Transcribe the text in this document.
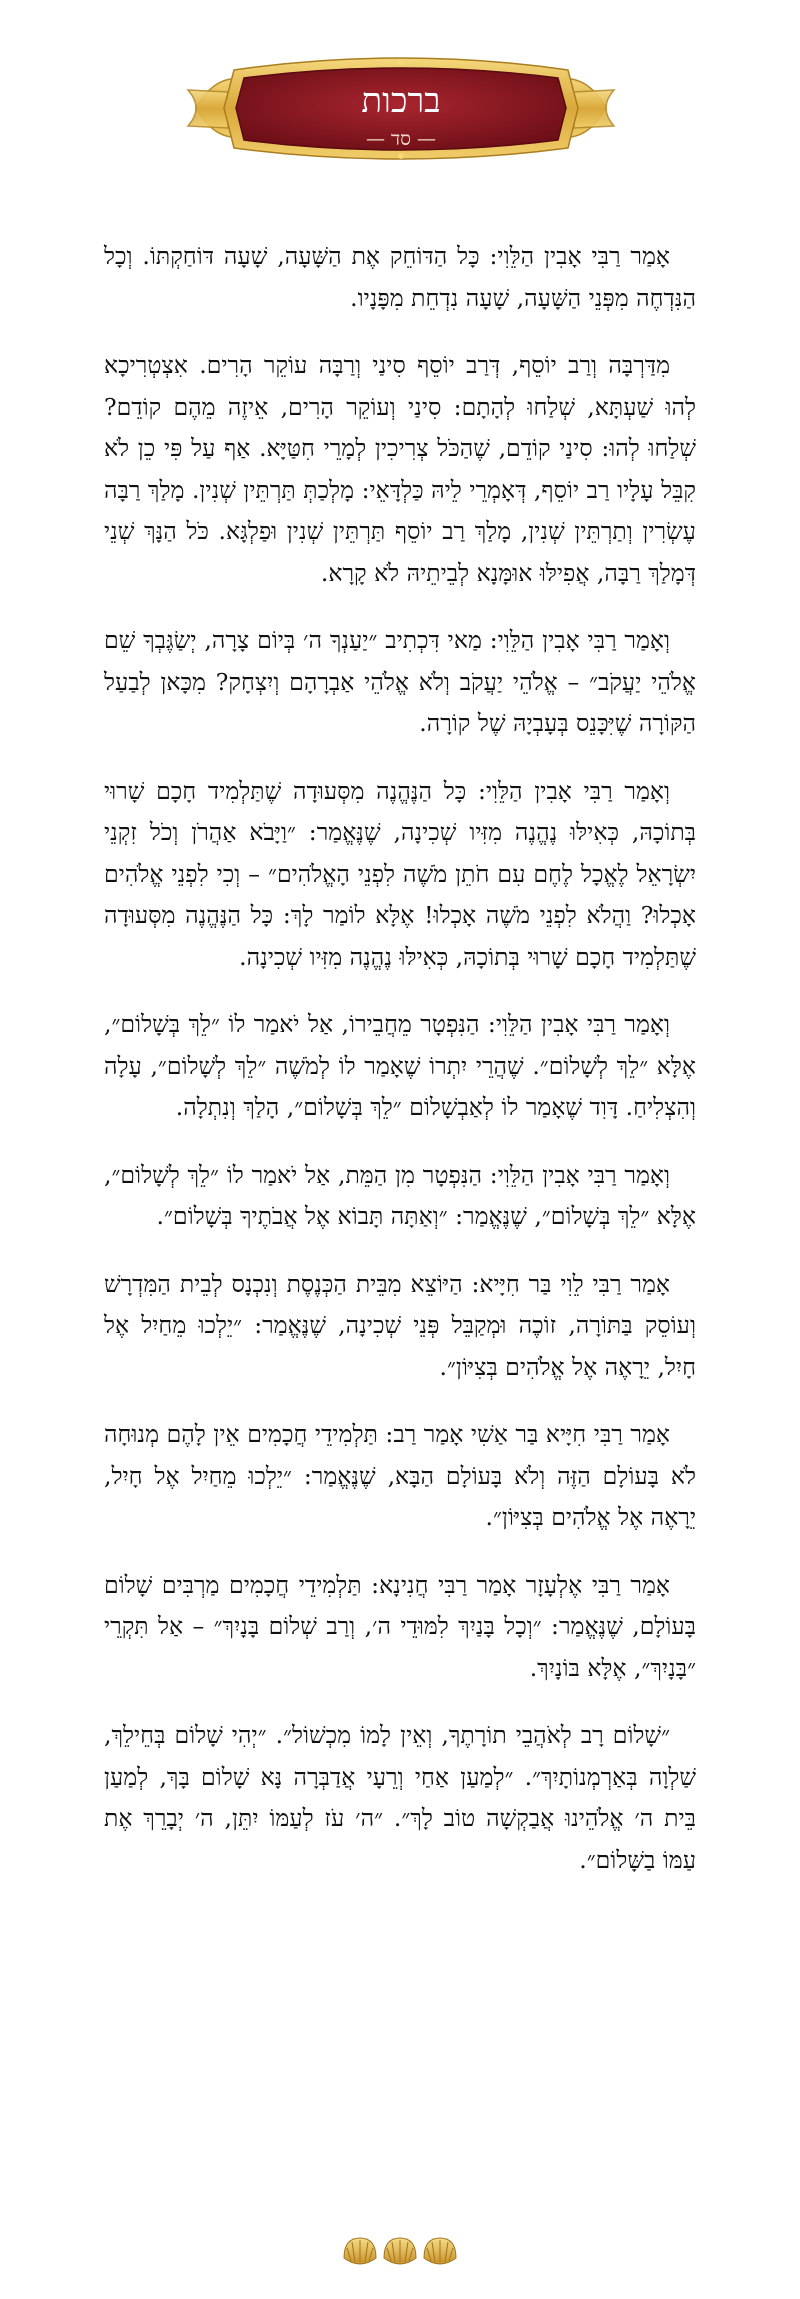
ברכות
— סד —

אָמַר רַבִּי אָבִין הַלֵּוִי: כָּל הַדּוֹחֵק אֶת הַשָּׁעָה, שָׁעָה דּוֹחַקְתּוֹ. וְכָל הַנִּדְחֶה מִפְּנֵי הַשָּׁעָה, שָׁעָה נִדְחֵת מִפָּנָיו.

מִדַּרְבָּה וְרַב יוֹסֵף, דְּרַב יוֹסֵף סִינַי וְרַבָּה עוֹקֵר הָרִים. אִצְטְרִיכָא לְהוּ שַׁעְתָּא, שְׁלַחוּ לְהָתָם: סִינַי וְעוֹקֵר הָרִים, אֵיזֶה מֵהֶם קוֹדֵם? שְׁלַחוּ לְהוּ: סִינַי קוֹדֵם, שֶׁהַכֹּל צְרִיכִין לְמָרֵי חִטַּיָּא. אַף עַל פִּי כֵן לֹא קִבֵּל עָלָיו רַב יוֹסֵף, דְּאָמְרֵי לֵיהּ כַּלְדָּאֵי: מָלְכַתְּ תַּרְתֵּין שְׁנִין. מָלַךְ רַבָּה עֶשְׂרִין וְתַרְתֵּין שְׁנִין, מָלַךְ רַב יוֹסֵף תַּרְתֵּין שְׁנִין וּפַלְגָּא. כֹּל הַנָּךְ שְׁנֵי דְּמָלַךְ רַבָּה, אֲפִילּוּ אוּמָּנָא לְבֵיתֵיהּ לֹא קָרָא.

וְאָמַר רַבִּי אָבִין הַלֵּוִי: מַאי דִּכְתִיב ״יַעַנְךָ ה׳ בְּיוֹם צָרָה, יְשַׂגֶּבְךָ שֵׁם אֱלֹהֵי יַעֲקֹב״ – אֱלֹהֵי יַעֲקֹב וְלֹא אֱלֹהֵי אַבְרָהָם וְיִצְחָק? מִכָּאן לְבַעַל הַקּוֹרָה שֶׁיִּכָּנֵס בְּעָבְיָהּ שֶׁל קוֹרָה.

וְאָמַר רַבִּי אָבִין הַלֵּוִי: כָּל הַנֶּהֱנֶה מִסְּעוּדָה שֶׁתַּלְמִיד חָכָם שָׁרוּי בְּתוֹכָהּ, כְּאִילּוּ נֶהֱנֶה מִזִּיו שְׁכִינָה, שֶׁנֶּאֱמַר: ״וַיָּבֹא אַהֲרֹן וְכֹל זִקְנֵי יִשְׂרָאֵל לֶאֱכָל לֶחֶם עִם חֹתֵן מֹשֶׁה לִפְנֵי הָאֱלֹהִים״ – וְכִי לִפְנֵי אֱלֹהִים אָכְלוּ? וַהֲלֹא לִפְנֵי מֹשֶׁה אָכְלוּ! אֶלָּא לוֹמַר לָךְ: כָּל הַנֶּהֱנֶה מִסְּעוּדָה שֶׁתַּלְמִיד חָכָם שָׁרוּי בְּתוֹכָהּ, כְּאִילּוּ נֶהֱנֶה מִזִּיו שְׁכִינָה.

וְאָמַר רַבִּי אָבִין הַלֵּוִי: הַנִּפְטָר מֵחֲבֵירוֹ, אַל יֹאמַר לוֹ ״לֵךְ בְּשָׁלוֹם״, אֶלָּא ״לֵךְ לְשָׁלוֹם״. שֶׁהֲרֵי יִתְרוֹ שֶׁאָמַר לוֹ לְמֹשֶׁה ״לֵךְ לְשָׁלוֹם״, עָלָה וְהִצְלִיחַ. דָּוִד שֶׁאָמַר לוֹ לְאַבְשָׁלוֹם ״לֵךְ בְּשָׁלוֹם״, הָלַךְ וְנִתְלָה.

וְאָמַר רַבִּי אָבִין הַלֵּוִי: הַנִּפְטָר מִן הַמֵּת, אַל יֹאמַר לוֹ ״לֵךְ לְשָׁלוֹם״, אֶלָּא ״לֵךְ בְּשָׁלוֹם״, שֶׁנֶּאֱמַר: ״וְאַתָּה תָּבוֹא אֶל אֲבֹתֶיךָ בְּשָׁלוֹם״.

אָמַר רַבִּי לֵוִי בַּר חִיָּיא: הַיּוֹצֵא מִבֵּית הַכְּנֶסֶת וְנִכְנָס לְבֵית הַמִּדְרָשׁ וְעוֹסֵק בַּתּוֹרָה, זוֹכֶה וּמְקַבֵּל פְּנֵי שְׁכִינָה, שֶׁנֶּאֱמַר: ״יֵלְכוּ מֵחַיִל אֶל חָיִל, יֵרָאֶה אֶל אֱלֹהִים בְּצִיּוֹן״.

אָמַר רַבִּי חִיָּיא בַּר אַשִׁי אָמַר רַב: תַּלְמִידֵי חֲכָמִים אֵין לָהֶם מְנוּחָה לֹא בָּעוֹלָם הַזֶּה וְלֹא בָּעוֹלָם הַבָּא, שֶׁנֶּאֱמַר: ״יֵלְכוּ מֵחַיִל אֶל חָיִל, יֵרָאֶה אֶל אֱלֹהִים בְּצִיּוֹן״.

אָמַר רַבִּי אֶלְעָזָר אָמַר רַבִּי חֲנִינָא: תַּלְמִידֵי חֲכָמִים מַרְבִּים שָׁלוֹם בָּעוֹלָם, שֶׁנֶּאֱמַר: ״וְכָל בָּנַיִךְ לִמּוּדֵי ה׳, וְרַב שְׁלוֹם בָּנָיִךְ״ – אַל תִּקְרֵי ״בָּנָיִךְ״, אֶלָּא בּוֹנָיִךְ.

״שָׁלוֹם רָב לְאֹהֲבֵי תוֹרָתֶךָ, וְאֵין לָמוֹ מִכְשׁוֹל״. ״יְהִי שָׁלוֹם בְּחֵילֵךְ, שַׁלְוָה בְּאַרְמְנוֹתָיִךְ״. ״לְמַעַן אַחַי וְרֵעָי אֲדַבְּרָה נָּא שָׁלוֹם בָּךְ, לְמַעַן בֵּית ה׳ אֱלֹהֵינוּ אֲבַקְשָׁה טוֹב לָךְ״. ״ה׳ עֹז לְעַמּוֹ יִתֵּן, ה׳ יְבָרֵךְ אֶת עַמּוֹ בַשָּׁלוֹם״.
